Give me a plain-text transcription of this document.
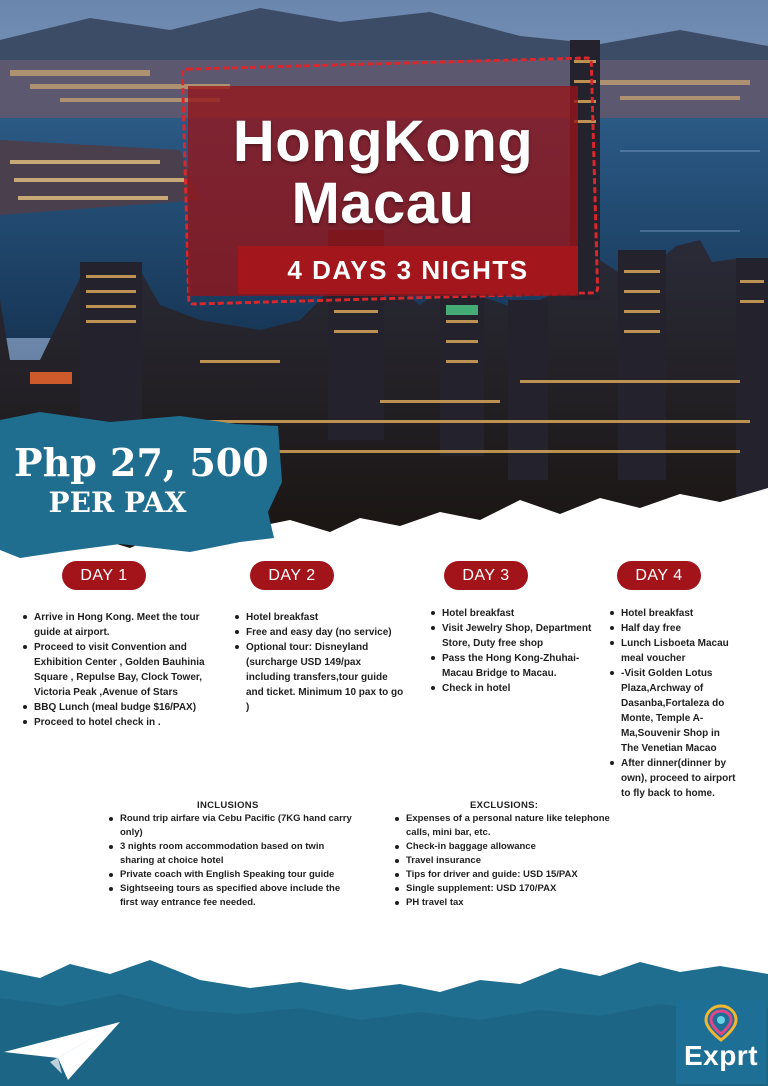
HongKong
Macau
4 DAYS 3 NIGHTS
Php 27, 500
PER PAX
DAY 1	DAY 2	DAY 3	DAY 4
Arrive in Hong Kong. Meet the tour guide at airport.
Proceed to visit Convention and Exhibition Center , Golden Bauhinia Square , Repulse Bay, Clock Tower, Victoria Peak ,Avenue of Stars
BBQ Lunch (meal budge $16/PAX)
Proceed to hotel check in .
Hotel breakfast
Free and easy day (no service)
Optional tour: Disneyland (surcharge USD 149/pax including transfers,tour guide and ticket. Minimum 10 pax to go )
Hotel breakfast
Visit Jewelry Shop, Department Store, Duty free shop
Pass the Hong Kong-Zhuhai-Macau Bridge to Macau.
Check in hotel
Hotel breakfast
Half day free
Lunch Lisboeta Macau meal voucher
-Visit Golden Lotus Plaza,Archway of Dasanba,Fortaleza do Monte, Temple A-Ma,Souvenir Shop in The Venetian Macao
After dinner(dinner by own), proceed to airport to fly back to home.
INCLUSIONS
Round trip airfare via Cebu Pacific (7KG hand carry only)
3 nights room accommodation based on twin sharing at choice hotel
Private coach with English Speaking tour guide
Sightseeing tours as specified above include the first way entrance fee needed.
EXCLUSIONS:
Expenses of a personal nature like telephone calls, mini bar, etc.
Check-in baggage allowance
Travel insurance
Tips for driver and guide: USD 15/PAX
Single supplement: USD 170/PAX
PH travel tax
Exprt
